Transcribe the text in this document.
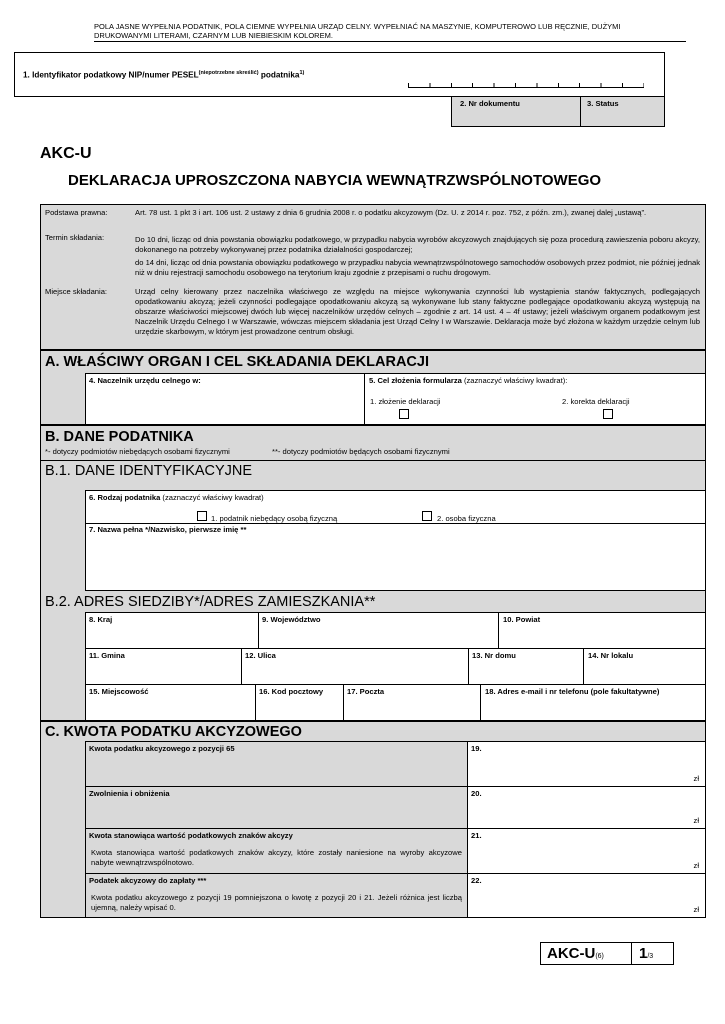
POLA JASNE WYPEŁNIA PODATNIK, POLA CIEMNE WYPEŁNIA URZĄD CELNY. WYPEŁNIAĆ NA MASZYNIE, KOMPUTEROWO LUB RĘCZNIE, DUŻYMI DRUKOWANYMI LITERAMI, CZARNYM LUB NIEBIESKIM KOLOREM.
1. Identyfikator podatkowy NIP/numer $PESEL^{(niepotrzebne skreślić)}$ podatnika$^{1)}$
2. Nr dokumentu	3. Status
AKC-U
DEKLARACJA UPROSZCZONA NABYCIA WEWNĄTRZWSPÓLNOTOWEGO
Podstawa prawna:	Art. 78 ust. 1 pkt 3 i art. 106 ust. 2 ustawy z dnia 6 grudnia 2008 r. o podatku akcyzowym (Dz. U. z 2014 r. poz. 752, z późn. zm.), zwanej dalej „ustawą”.
Termin składania:	Do 10 dni, licząc od dnia powstania obowiązku podatkowego, w przypadku nabycia wyrobów akcyzowych znajdujących się poza procedurą zawieszenia poboru akcyzy, dokonanego na potrzeby wykonywanej przez podatnika działalności gospodarczej;
do 14 dni, licząc od dnia powstania obowiązku podatkowego w przypadku nabycia wewnątrzwspólnotowego samochodów osobowych przez podmiot, nie później jednak niż w dniu rejestracji samochodu osobowego na terytorium kraju zgodnie z przepisami o ruchu drogowym.
Miejsce składania:	Urząd celny kierowany przez naczelnika właściwego ze względu na miejsce wykonywania czynności lub wystąpienia stanów faktycznych, podlegających opodatkowaniu akcyzą; jeżeli czynności podlegające opodatkowaniu akcyzą są wykonywane lub stany faktyczne podlegające opodatkowaniu akcyzą występują na obszarze właściwości miejscowej dwóch lub więcej naczelników urzędów celnych – zgodnie z art. 14 ust. 4 – 4f ustawy; jeżeli właściwym organem podatkowym jest Naczelnik Urzędu Celnego I w Warszawie, wówczas miejscem składania jest Urząd Celny I w Warszawie. Deklaracja może być złożona w każdym urzędzie celnym lub urzędzie skarbowym, w którym jest prowadzone centrum obsługi.
A. WŁAŚCIWY ORGAN I CEL SKŁADANIA DEKLARACJI
4. Naczelnik urzędu celnego w:	5. Cel złożenia formularza (zaznaczyć właściwy kwadrat):
1. złożenie deklaracji	2. korekta deklaracji
B. DANE PODATNIKA
*- dotyczy podmiotów niebędących osobami fizycznymi	**- dotyczy podmiotów będących osobami fizycznymi
B.1. DANE IDENTYFIKACYJNE
6. Rodzaj podatnika (zaznaczyć właściwy kwadrat)
1. podatnik niebędący osobą fizyczną	2. osoba fizyczna
7. Nazwa pełna */Nazwisko, pierwsze imię **
B.2. ADRES SIEDZIBY*/ADRES ZAMIESZKANIA**
8. Kraj	9. Województwo	10. Powiat
11. Gmina	12. Ulica	13. Nr domu	14. Nr lokalu
15. Miejscowość	16. Kod pocztowy	17. Poczta	18. Adres e-mail i nr telefonu (pole fakultatywne)
C. KWOTA PODATKU AKCYZOWEGO
Kwota podatku akcyzowego z pozycji 65	19.
zł
Zwolnienia i obniżenia	20.
zł
Kwota stanowiąca wartość podatkowych znaków akcyzy
Kwota stanowiąca wartość podatkowych znaków akcyzy, które zostały naniesione na wyroby akcyzowe nabyte wewnątrzwspólnotowo.
21.
zł
Podatek akcyzowy do zapłaty ***
Kwota podatku akcyzowego z pozycji 19 pomniejszona o kwotę z pozycji 20 i 21. Jeżeli różnica jest liczbą ujemną, należy wpisać 0.
22.
zł
AKC-U(6)	1/3
